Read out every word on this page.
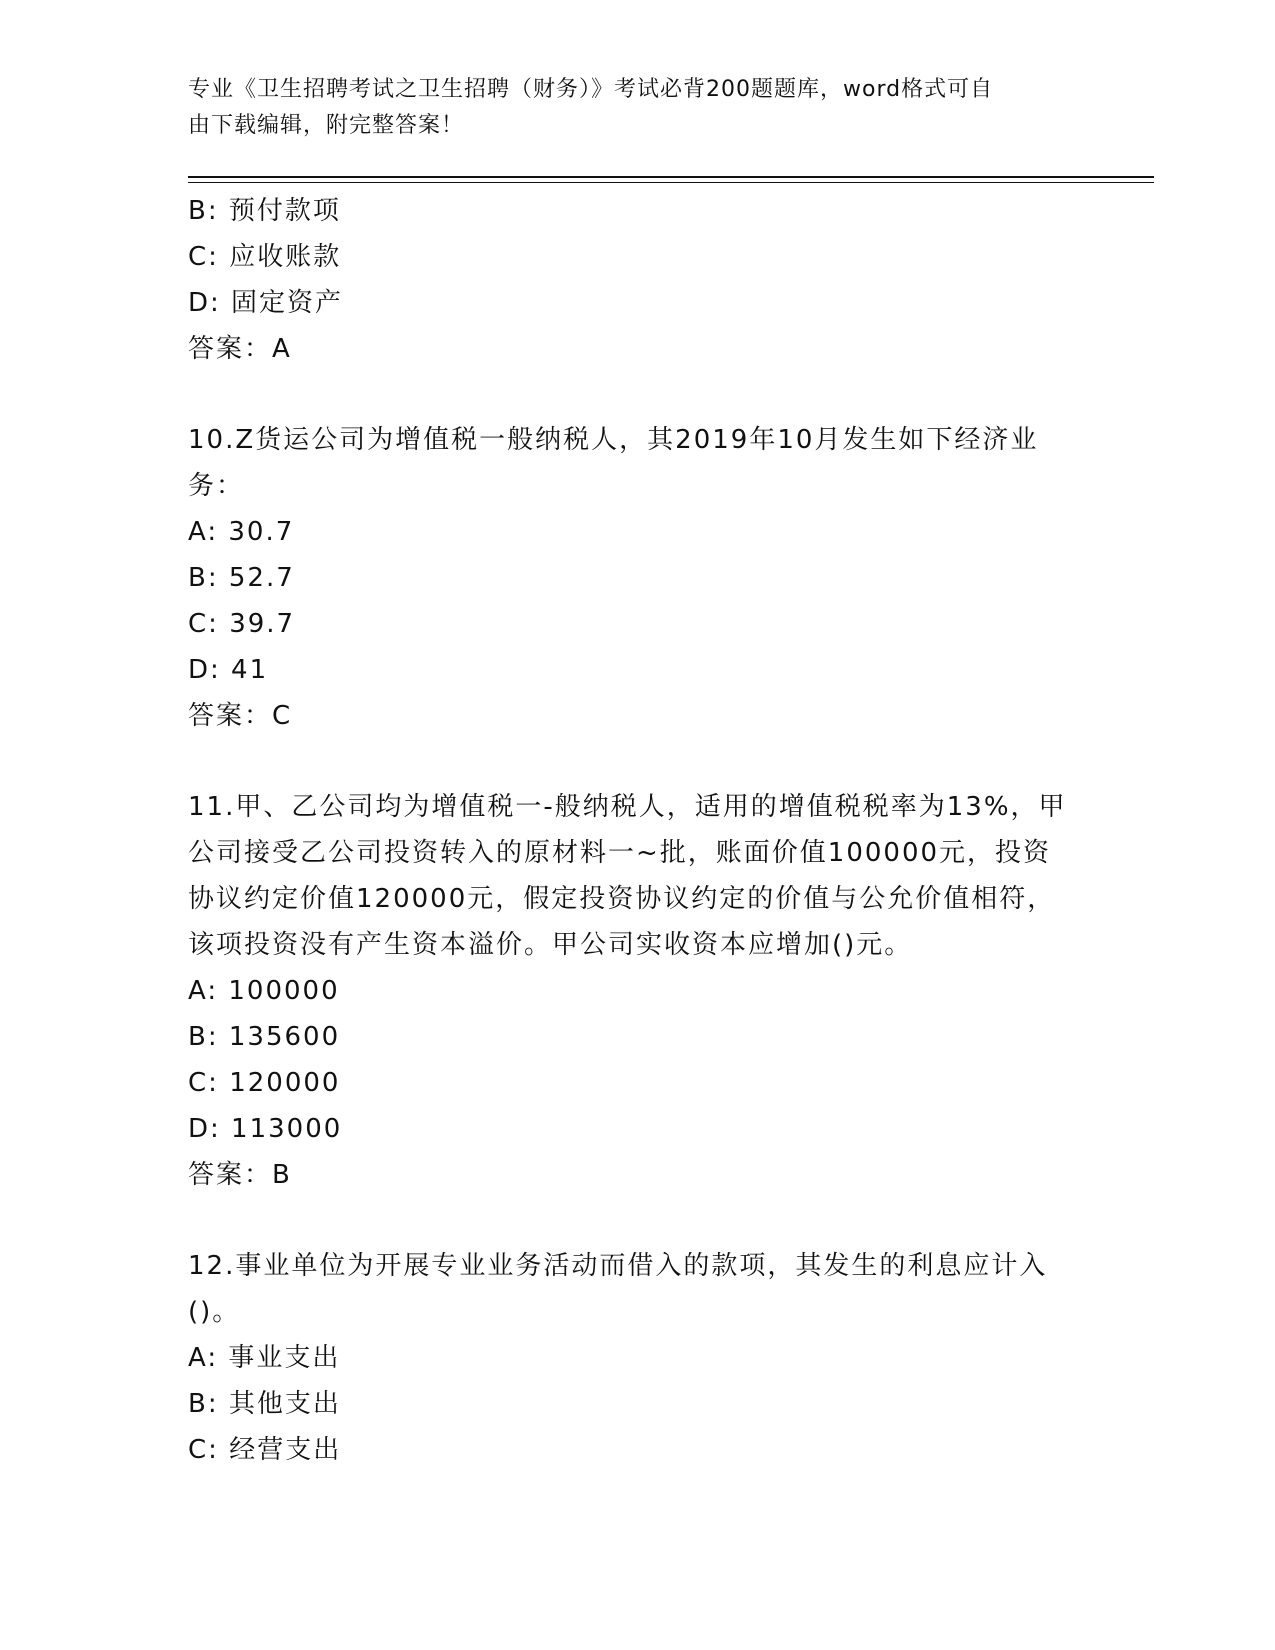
专业《卫生招聘考试之卫生招聘（财务）》考试必背200题题库，word格式可自
由下载编辑，附完整答案！
B: 预付款项
C: 应收账款
D: 固定资产
答案：A
10.Z货运公司为增值税一般纳税人，其2019年10月发生如下经济业
务：
A: 30.7
B: 52.7
C: 39.7
D: 41
答案：C
11.甲、乙公司均为增值税一-般纳税人，适用的增值税税率为13%，甲
公司接受乙公司投资转入的原材料一~批，账面价值100000元，投资
协议约定价值120000元，假定投资协议约定的价值与公允价值相符，
该项投资没有产生资本溢价。甲公司实收资本应增加()元。
A: 100000
B: 135600
C: 120000
D: 113000
答案：B
12.事业单位为开展专业业务活动而借入的款项，其发生的利息应计入
()。
A: 事业支出
B: 其他支出
C: 经营支出
